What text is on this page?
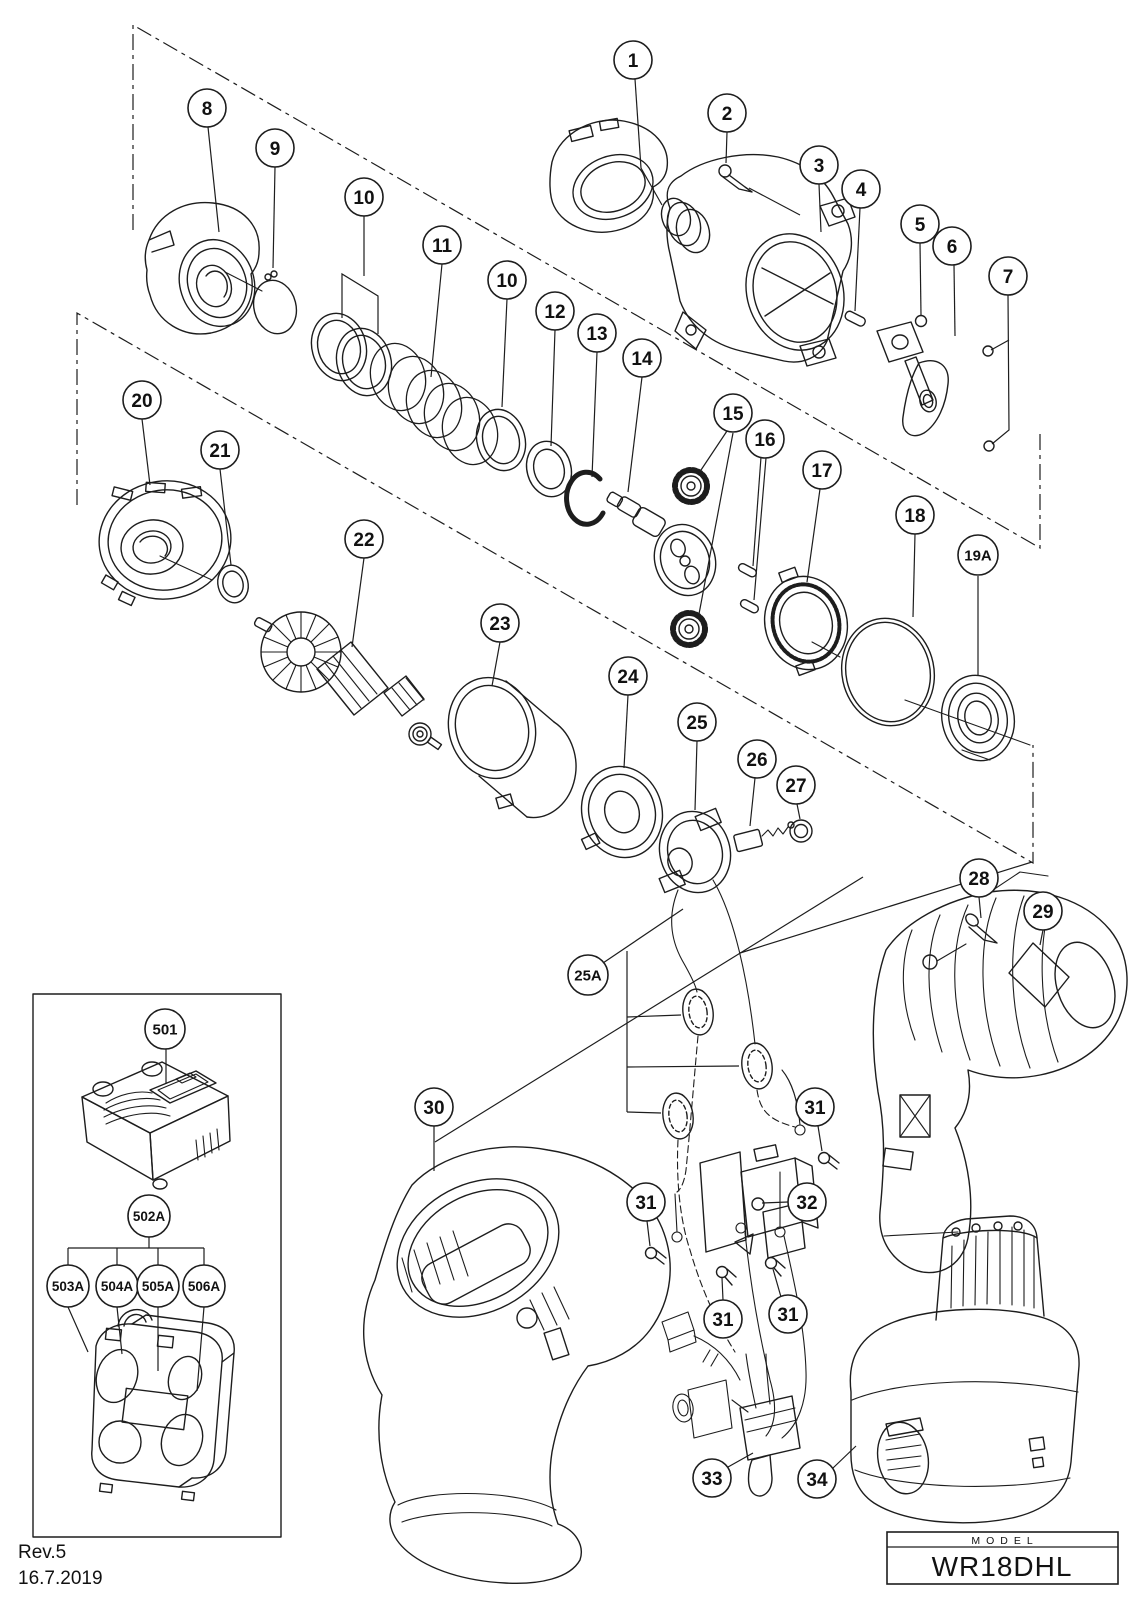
1
2
3
4
5
6
7
8
9
10
11
10
12
13
14
15
16
17
18
19A
20
21
22
23
24
25
26
27
25A
28
29
30	31
31	32
31 31
33	34
501
502A
503A 504A 505A 506A
Rev.5
16.7.2019
MODEL
WR18DHL
